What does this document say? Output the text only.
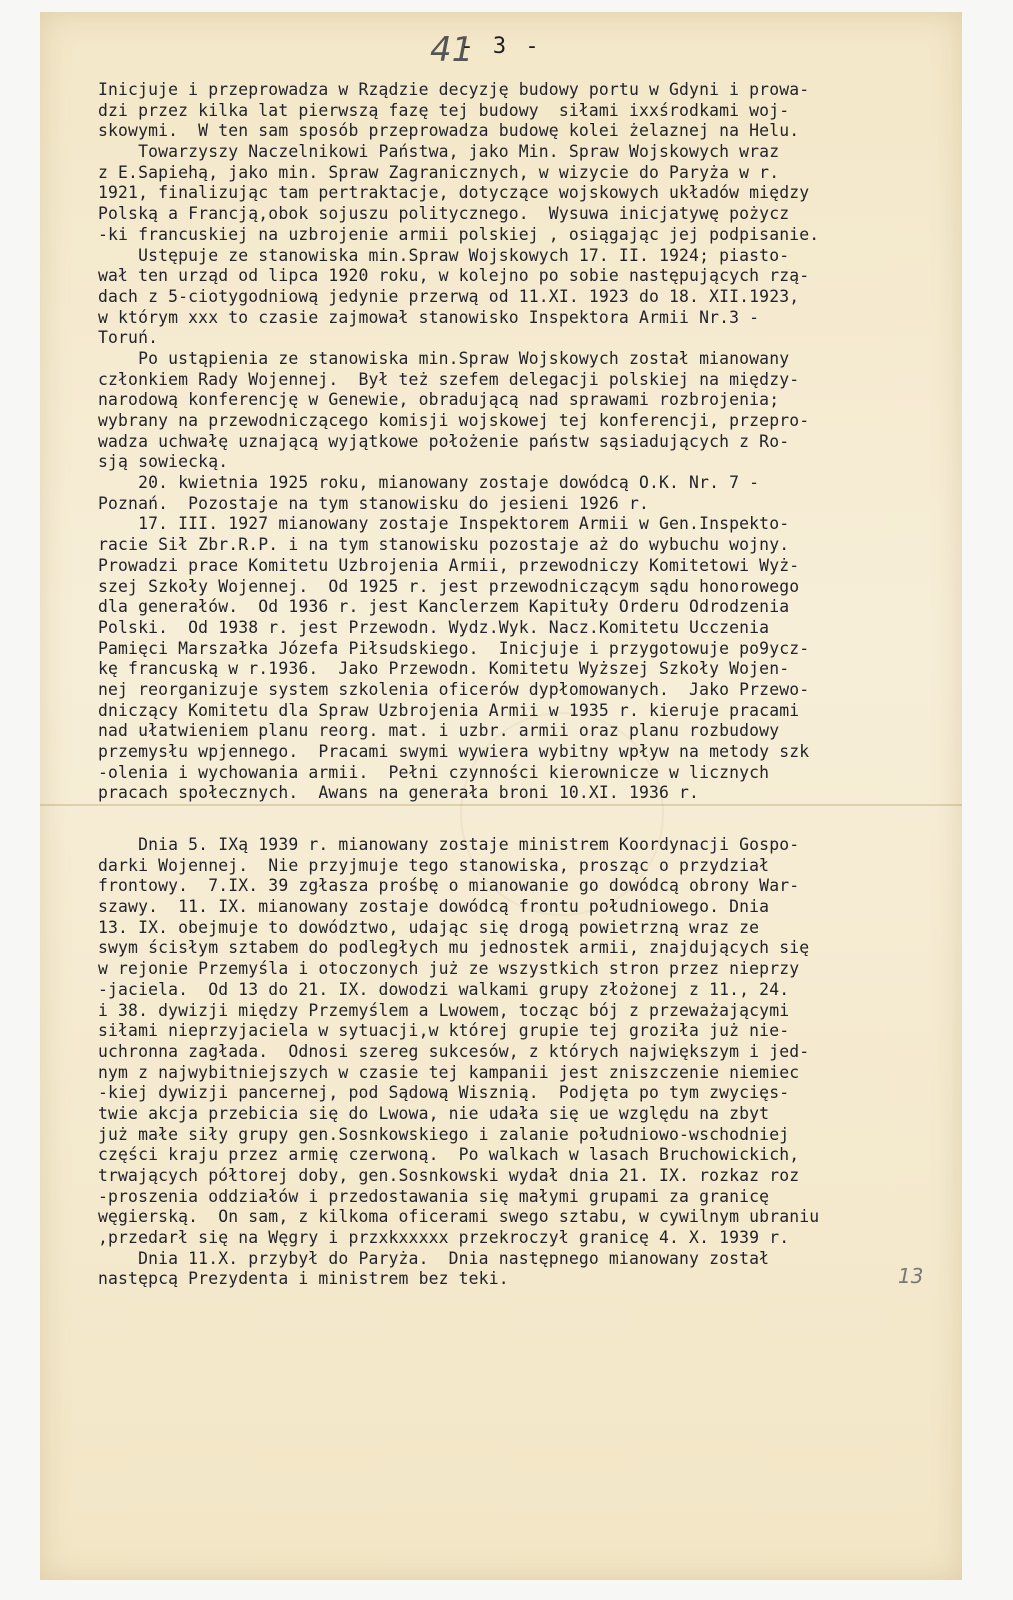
41
- 3 -
Inicjuje i przeprowadza w Rządzie decyzję budowy portu w Gdyni i prowa-
dzi przez kilka lat pierwszą fazę tej budowy  siłami ixxśrodkami woj-
skowymi.  W ten sam sposób przeprowadza budowę kolei żelaznej na Helu.
Towarzyszy Naczelnikowi Państwa, jako Min. Spraw Wojskowych wraz
z E.Sapiehą, jako min. Spraw Zagranicznych, w wizycie do Paryża w r.
1921, finalizując tam pertraktacje, dotyczące wojskowych układów między
Polską a Francją,obok sojuszu politycznego.  Wysuwa inicjatywę pożycz
-ki francuskiej na uzbrojenie armii polskiej , osiągając jej podpisanie.
Ustępuje ze stanowiska min.Spraw Wojskowych 17. II. 1924; piasto-
wał ten urząd od lipca 1920 roku, w kolejno po sobie następujących rzą-
dach z 5-ciotygodniową jedynie przerwą od 11.XI. 1923 do 18. XII.1923,
w którym xxx to czasie zajmował stanowisko Inspektora Armii Nr.3 -
Toruń.
Po ustąpienia ze stanowiska min.Spraw Wojskowych został mianowany
członkiem Rady Wojennej.  Był też szefem delegacji polskiej na między-
narodową konferencję w Genewie, obradującą nad sprawami rozbrojenia;
wybrany na przewodniczącego komisji wojskowej tej konferencji, przepro-
wadza uchwałę uznającą wyjątkowe położenie państw sąsiadujących z Ro-
sją sowiecką.
20. kwietnia 1925 roku, mianowany zostaje dowódcą O.K. Nr. 7 -
Poznań.  Pozostaje na tym stanowisku do jesieni 1926 r.
17. III. 1927 mianowany zostaje Inspektorem Armii w Gen.Inspekto-
racie Sił Zbr.R.P. i na tym stanowisku pozostaje aż do wybuchu wojny.
Prowadzi prace Komitetu Uzbrojenia Armii, przewodniczy Komitetowi Wyż-
szej Szkoły Wojennej.  Od 1925 r. jest przewodniczącym sądu honorowego
dla generałów.  Od 1936 r. jest Kanclerzem Kapituły Orderu Odrodzenia
Polski.  Od 1938 r. jest Przewodn. Wydz.Wyk. Nacz.Komitetu Ucczenia
Pamięci Marszałka Józefa Piłsudskiego.  Inicjuje i przygotowuje po9ycz-
kę francuską w r.1936.  Jako Przewodn. Komitetu Wyższej Szkoły Wojen-
nej reorganizuje system szkolenia oficerów dypłomowanych.  Jako Przewo-
dniczący Komitetu dla Spraw Uzbrojenia Armii w 1935 r. kieruje pracami
nad ułatwieniem planu reorg. mat. i uzbr. armii oraz planu rozbudowy
przemysłu wpjennego.  Pracami swymi wywiera wybitny wpływ na metody szk
-olenia i wychowania armii.  Pełni czynności kierownicze w licznych
pracach społecznych.  Awans na generała broni 10.XI. 1936 r.
Dnia 5. IXą 1939 r. mianowany zostaje ministrem Koordynacji Gospo-
darki Wojennej.  Nie przyjmuje tego stanowiska, prosząc o przydział
frontowy.  7.IX. 39 zgłasza prośbę o mianowanie go dowódcą obrony War-
szawy.  11. IX. mianowany zostaje dowódcą frontu południowego. Dnia
13. IX. obejmuje to dowództwo, udając się drogą powietrzną wraz ze
swym ścisłym sztabem do podległych mu jednostek armii, znajdujących się
w rejonie Przemyśla i otoczonych już ze wszystkich stron przez nieprzy
-jaciela.  Od 13 do 21. IX. dowodzi walkami grupy złożonej z 11., 24.
i 38. dywizji między Przemyślem a Lwowem, tocząc bój z przeważającymi
siłami nieprzyjaciela w sytuacji,w której grupie tej groziła już nie-
uchronna zagłada.  Odnosi szereg sukcesów, z których największym i jed-
nym z najwybitniejszych w czasie tej kampanii jest zniszczenie niemiec
-kiej dywizji pancernej, pod Sądową Wisznią.  Podjęta po tym zwycięs-
twie akcja przebicia się do Lwowa, nie udała się ue względu na zbyt
już małe siły grupy gen.Sosnkowskiego i zalanie południowo-wschodniej
części kraju przez armię czerwoną.  Po walkach w lasach Bruchowickich,
trwających półtorej doby, gen.Sosnkowski wydał dnia 21. IX. rozkaz roz
-proszenia oddziałów i przedostawania się małymi grupami za granicę
węgierską.  On sam, z kilkoma oficerami swego sztabu, w cywilnym ubraniu
,przedarł się na Węgry i przxkxxxxx przekroczył granicę 4. X. 1939 r.
Dnia 11.X. przybył do Paryża.  Dnia następnego mianowany został
następcą Prezydenta i ministrem bez teki.	13
